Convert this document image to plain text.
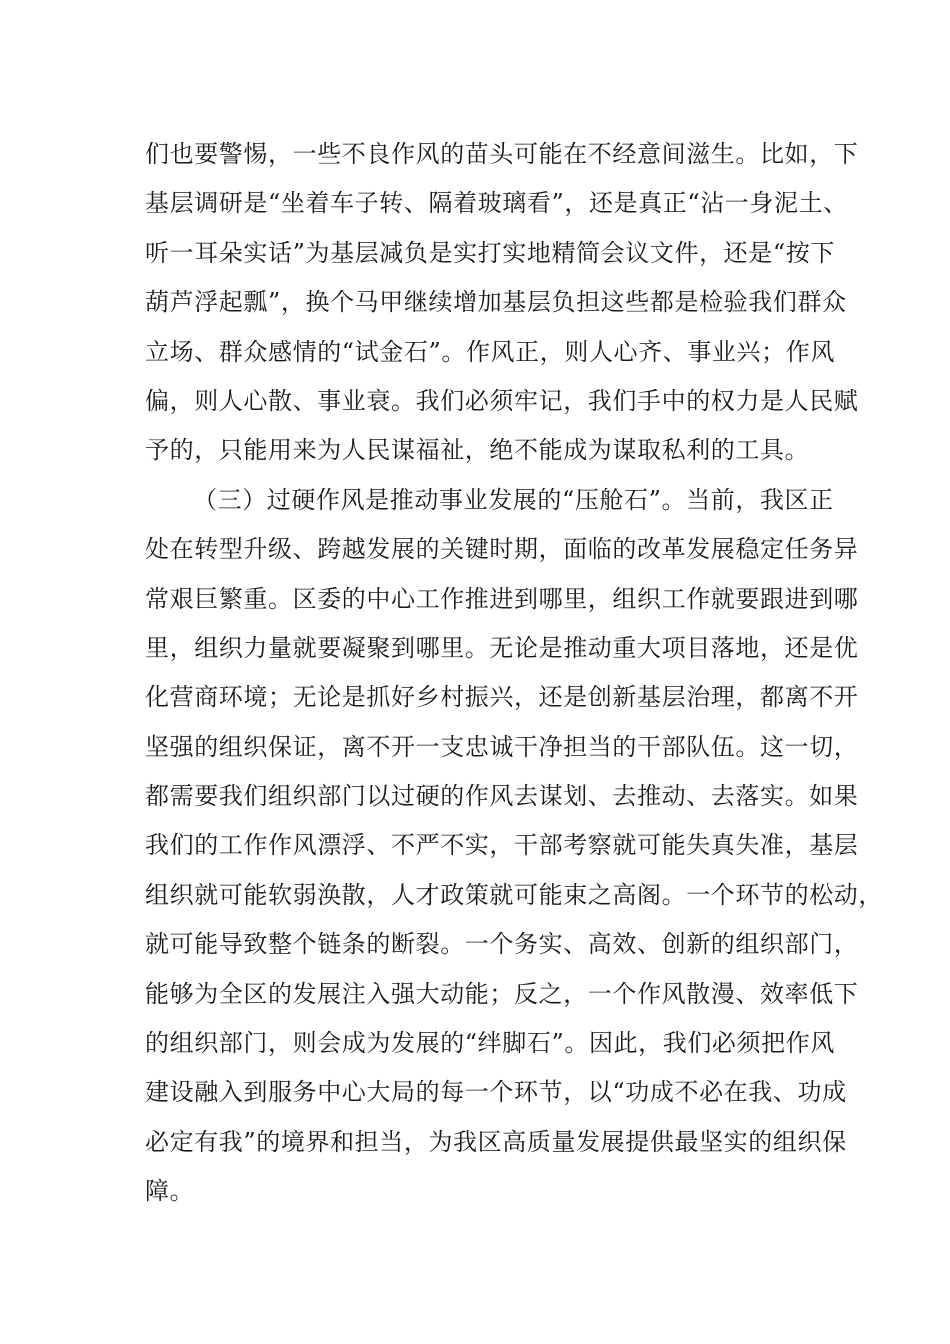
们也要警惕，一些不良作风的苗头可能在不经意间滋生。比如，下
基层调研是“坐着车子转、隔着玻璃看”，还是真正“沾一身泥土、
听一耳朵实话”为基层减负是实打实地精简会议文件，还是“按下
葫芦浮起瓢”，换个马甲继续增加基层负担这些都是检验我们群众
立场、群众感情的“试金石”。作风正，则人心齐、事业兴；作风
偏，则人心散、事业衰。我们必须牢记，我们手中的权力是人民赋
予的，只能用来为人民谋福祉，绝不能成为谋取私利的工具。
（三）过硬作风是推动事业发展的“压舱石”。当前，我区正
处在转型升级、跨越发展的关键时期，面临的改革发展稳定任务异
常艰巨繁重。区委的中心工作推进到哪里，组织工作就要跟进到哪
里，组织力量就要凝聚到哪里。无论是推动重大项目落地，还是优
化营商环境；无论是抓好乡村振兴，还是创新基层治理，都离不开
坚强的组织保证，离不开一支忠诚干净担当的干部队伍。这一切，
都需要我们组织部门以过硬的作风去谋划、去推动、去落实。如果
我们的工作作风漂浮、不严不实，干部考察就可能失真失准，基层
组织就可能软弱涣散，人才政策就可能束之高阁。一个环节的松动，
就可能导致整个链条的断裂。一个务实、高效、创新的组织部门，
能够为全区的发展注入强大动能；反之，一个作风散漫、效率低下
的组织部门，则会成为发展的“绊脚石”。因此，我们必须把作风
建设融入到服务中心大局的每一个环节，以“功成不必在我、功成
必定有我”的境界和担当，为我区高质量发展提供最坚实的组织保
障。
